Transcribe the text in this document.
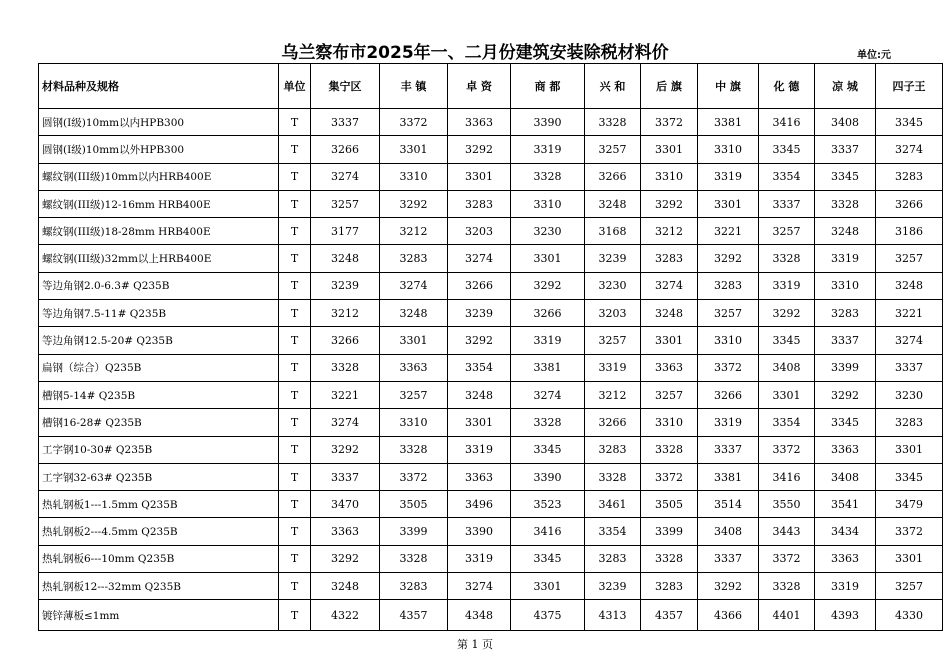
乌兰察布市2025年一、二月份建筑安装除税材料价	单位:元
材料品种及规格	单位	集宁区	丰 镇	卓 资	商 都	兴 和	后 旗	中 旗	化 德	凉 城	四子王
圆钢(Ⅰ级)10mm以内HPB300	T	3337	3372	3363	3390	3328	3372	3381	3416	3408	3345
圆钢(Ⅰ级)10mm以外HPB300	T	3266	3301	3292	3319	3257	3301	3310	3345	3337	3274
螺纹钢(III级)10mm以内HRB400E	T	3274	3310	3301	3328	3266	3310	3319	3354	3345	3283
螺纹钢(III级)12-16mm HRB400E	T	3257	3292	3283	3310	3248	3292	3301	3337	3328	3266
螺纹钢(III级)18-28mm HRB400E	T	3177	3212	3203	3230	3168	3212	3221	3257	3248	3186
螺纹钢(III级)32mm以上HRB400E	T	3248	3283	3274	3301	3239	3283	3292	3328	3319	3257
等边角钢2.0-6.3# Q235B	T	3239	3274	3266	3292	3230	3274	3283	3319	3310	3248
等边角钢7.5-11# Q235B	T	3212	3248	3239	3266	3203	3248	3257	3292	3283	3221
等边角钢12.5-20# Q235B	T	3266	3301	3292	3319	3257	3301	3310	3345	3337	3274
扁钢（综合）Q235B	T	3328	3363	3354	3381	3319	3363	3372	3408	3399	3337
槽钢5-14# Q235B	T	3221	3257	3248	3274	3212	3257	3266	3301	3292	3230
槽钢16-28# Q235B	T	3274	3310	3301	3328	3266	3310	3319	3354	3345	3283
工字钢10-30# Q235B	T	3292	3328	3319	3345	3283	3328	3337	3372	3363	3301
工字钢32-63# Q235B	T	3337	3372	3363	3390	3328	3372	3381	3416	3408	3345
热轧钢板1---1.5mm Q235B	T	3470	3505	3496	3523	3461	3505	3514	3550	3541	3479
热轧钢板2---4.5mm Q235B	T	3363	3399	3390	3416	3354	3399	3408	3443	3434	3372
热轧钢板6---10mm Q235B	T	3292	3328	3319	3345	3283	3328	3337	3372	3363	3301
热轧钢板12---32mm Q235B	T	3248	3283	3274	3301	3239	3283	3292	3328	3319	3257
镀锌薄板≤1mm	T	4322	4357	4348	4375	4313	4357	4366	4401	4393	4330
第 1 页
